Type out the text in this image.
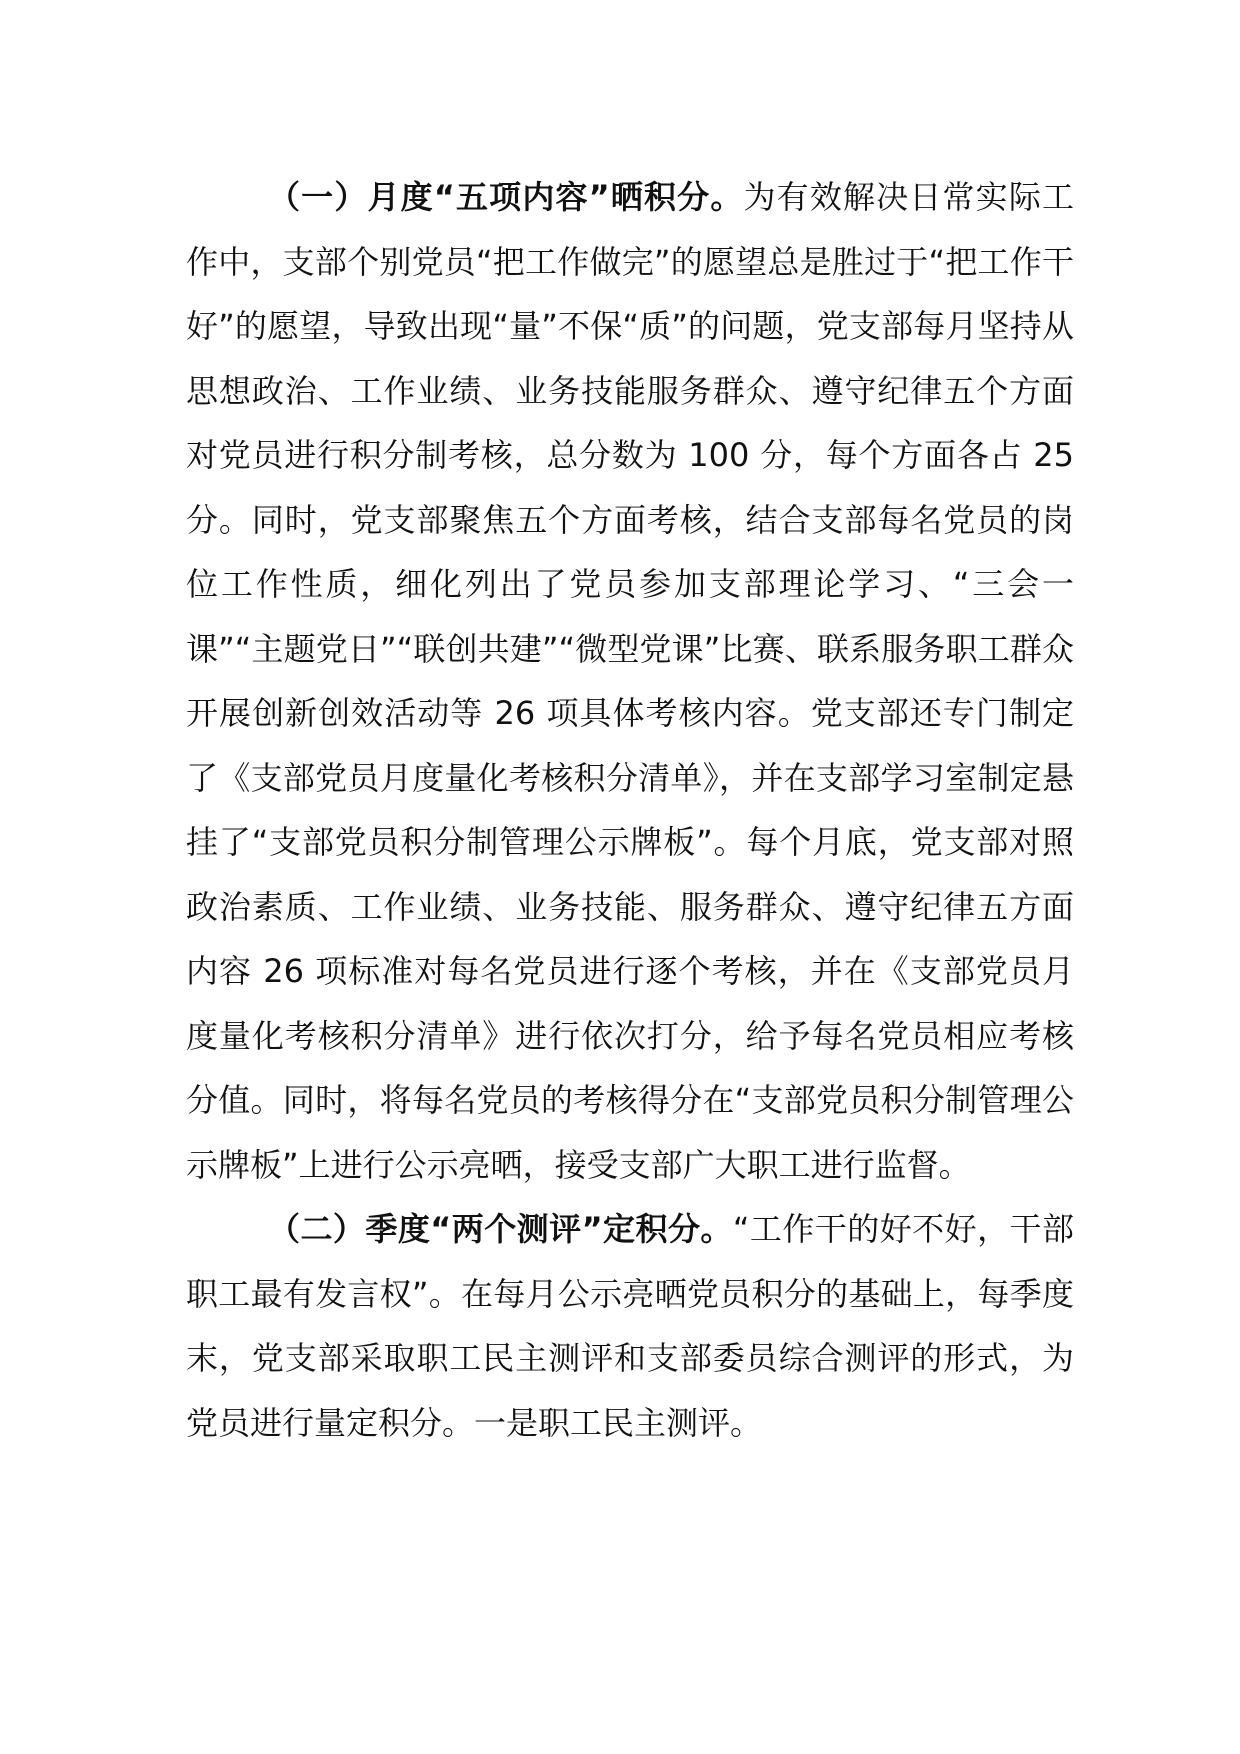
（一）月度“五项内容”晒积分。为有效解决日常实际工作中，支部个别党员“把工作做完”的愿望总是胜过于“把工作干好”的愿望，导致出现“量”不保“质”的问题，党支部每月坚持从思想政治、工作业绩、业务技能服务群众、遵守纪律五个方面对党员进行积分制考核，总分数为 100 分，每个方面各占 25 分。同时，党支部聚焦五个方面考核，结合支部每名党员的岗位工作性质，细化列出了党员参加支部理论学习、“三会一课”“主题党日”“联创共建”“微型党课”比赛、联系服务职工群众开展创新创效活动等 26 项具体考核内容。党支部还专门制定了《支部党员月度量化考核积分清单》，并在支部学习室制定悬挂了“支部党员积分制管理公示牌板”。每个月底，党支部对照政治素质、工作业绩、业务技能、服务群众、遵守纪律五方面内容 26 项标准对每名党员进行逐个考核，并在《支部党员月度量化考核积分清单》进行依次打分，给予每名党员相应考核分值。同时，将每名党员的考核得分在“支部党员积分制管理公示牌板”上进行公示亮晒，接受支部广大职工进行监督。

（二）季度“两个测评”定积分。“工作干的好不好，干部职工最有发言权”。在每月公示亮晒党员积分的基础上，每季度末，党支部采取职工民主测评和支部委员综合测评的形式，为党员进行量定积分。一是职工民主测评。
